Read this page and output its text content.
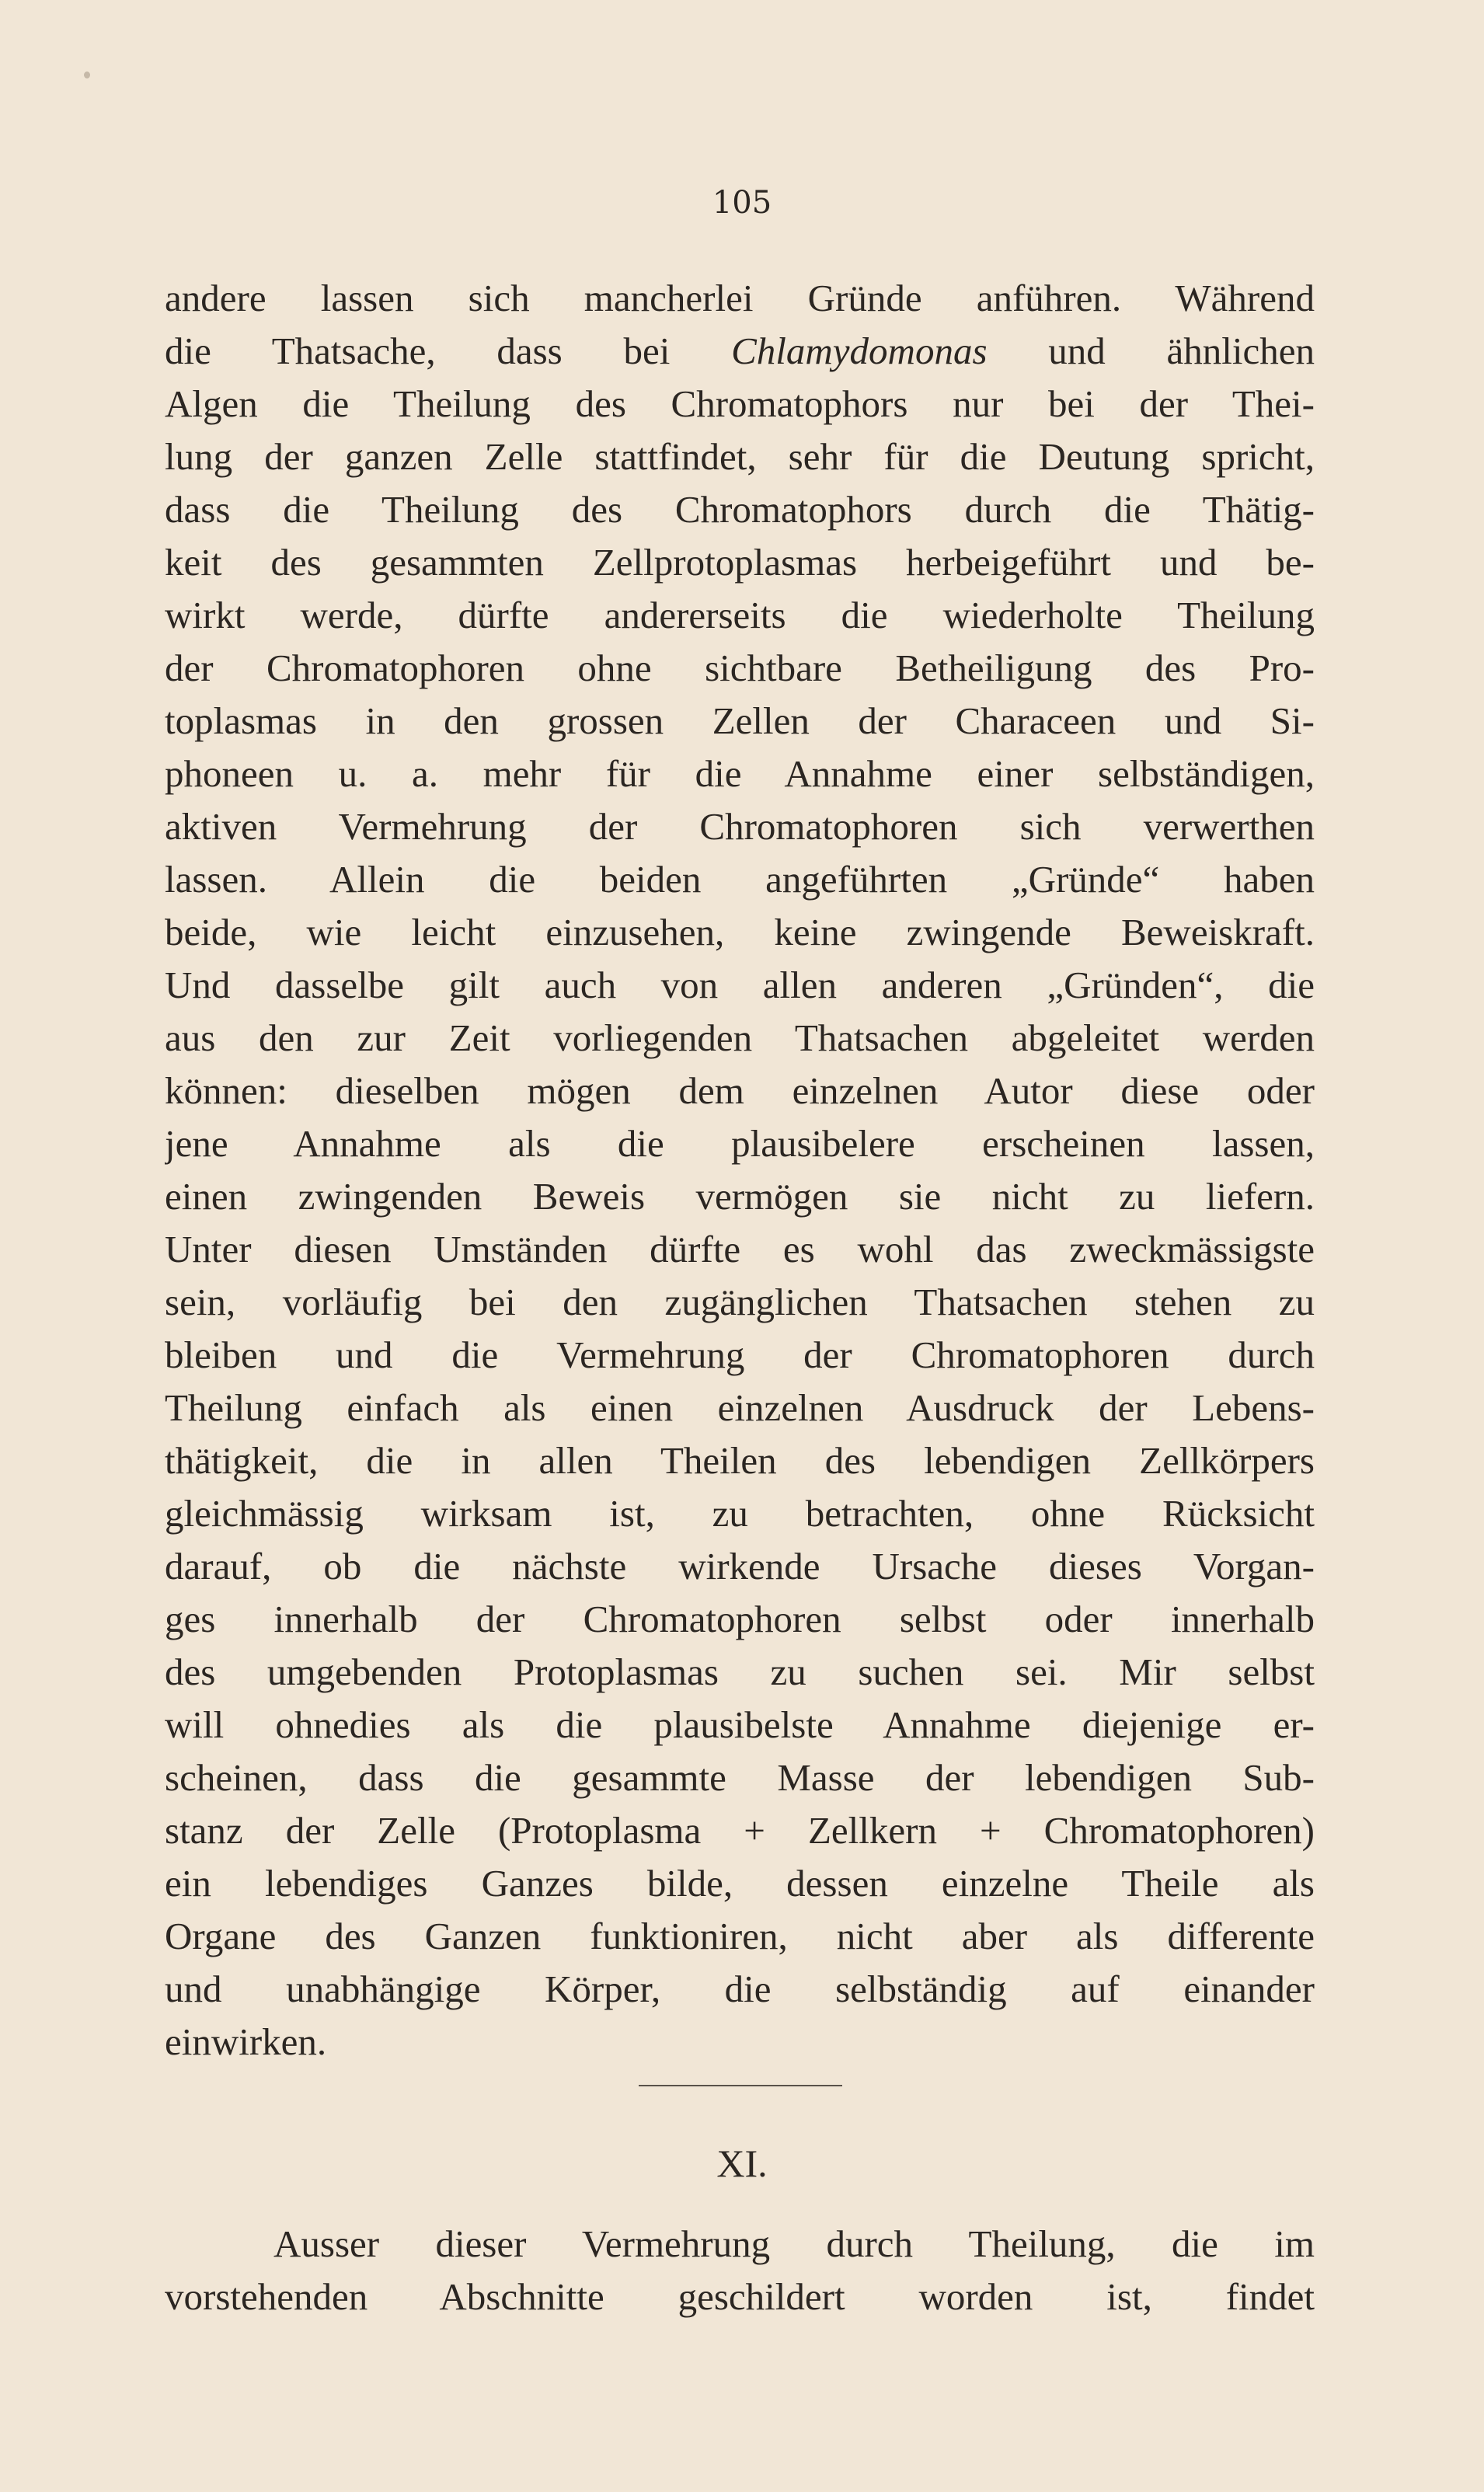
105
andere lassen sich mancherlei Gründe anführen. Während
die Thatsache, dass bei Chlamydomonas und ähnlichen
Algen die Theilung des Chromatophors nur bei der Thei-
lung der ganzen Zelle stattfindet, sehr für die Deutung spricht,
dass die Theilung des Chromatophors durch die Thätig-
keit des gesammten Zellprotoplasmas herbeigeführt und be-
wirkt werde, dürfte andererseits die wiederholte Theilung
der Chromatophoren ohne sichtbare Betheiligung des Pro-
toplasmas in den grossen Zellen der Characeen und Si-
phoneen u. a. mehr für die Annahme einer selbständigen,
aktiven Vermehrung der Chromatophoren sich verwerthen
lassen. Allein die beiden angeführten „Gründe“ haben
beide, wie leicht einzusehen, keine zwingende Beweiskraft.
Und dasselbe gilt auch von allen anderen „Gründen“, die
aus den zur Zeit vorliegenden Thatsachen abgeleitet werden
können: dieselben mögen dem einzelnen Autor diese oder
jene Annahme als die plausibelere erscheinen lassen,
einen zwingenden Beweis vermögen sie nicht zu liefern.
Unter diesen Umständen dürfte es wohl das zweckmässigste
sein, vorläufig bei den zugänglichen Thatsachen stehen zu
bleiben und die Vermehrung der Chromatophoren durch
Theilung einfach als einen einzelnen Ausdruck der Lebens-
thätigkeit, die in allen Theilen des lebendigen Zellkörpers
gleichmässig wirksam ist, zu betrachten, ohne Rücksicht
darauf, ob die nächste wirkende Ursache dieses Vorgan-
ges innerhalb der Chromatophoren selbst oder innerhalb
des umgebenden Protoplasmas zu suchen sei. Mir selbst
will ohnedies als die plausibelste Annahme diejenige er-
scheinen, dass die gesammte Masse der lebendigen Sub-
stanz der Zelle (Protoplasma + Zellkern + Chromatophoren)
ein lebendiges Ganzes bilde, dessen einzelne Theile als
Organe des Ganzen funktioniren, nicht aber als differente
und unabhängige Körper, die selbständig auf einander
einwirken.
XI.
Ausser dieser Vermehrung durch Theilung, die im
vorstehenden Abschnitte geschildert worden ist, findet
